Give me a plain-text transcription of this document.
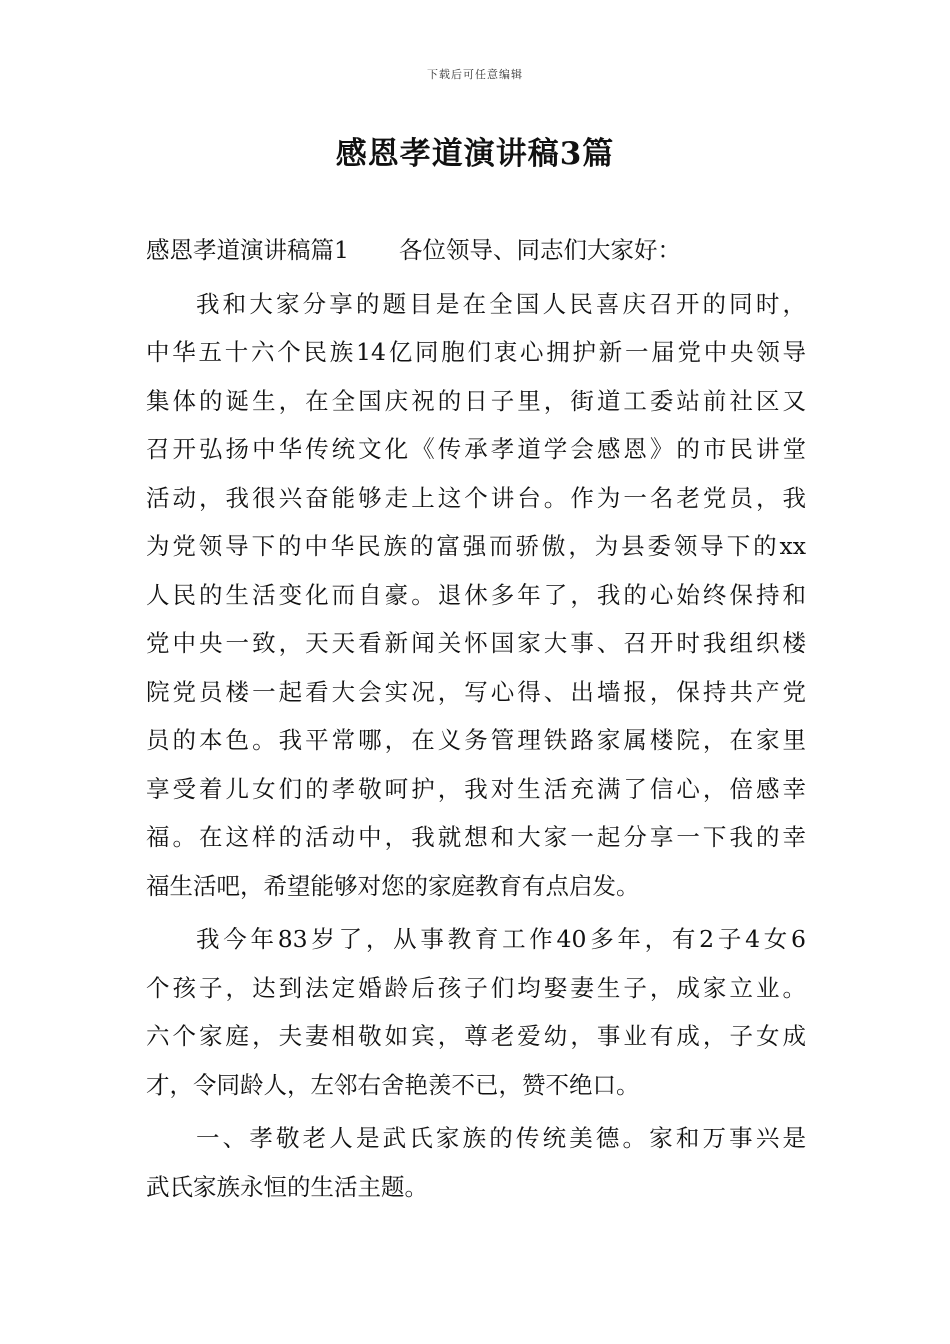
下载后可任意编辑
感恩孝道演讲稿3篇
感恩孝道演讲稿篇1 各位领导、同志们大家好：
我和大家分享的题目是在全国人民喜庆召开的同时，
中华五十六个民族14亿同胞们衷心拥护新一届党中央领导
集体的诞生，在全国庆祝的日子里，街道工委站前社区又
召开弘扬中华传统文化《传承孝道学会感恩》的市民讲堂
活动，我很兴奋能够走上这个讲台。作为一名老党员，我
为党领导下的中华民族的富强而骄傲，为县委领导下的xx
人民的生活变化而自豪。退休多年了，我的心始终保持和
党中央一致，天天看新闻关怀国家大事、召开时我组织楼
院党员楼一起看大会实况，写心得、出墙报，保持共产党
员的本色。我平常哪，在义务管理铁路家属楼院，在家里
享受着儿女们的孝敬呵护，我对生活充满了信心，倍感幸
福。在这样的活动中，我就想和大家一起分享一下我的幸
福生活吧，希望能够对您的家庭教育有点启发。
我今年83岁了，从事教育工作40多年，有2子4女6
个孩子，达到法定婚龄后孩子们均娶妻生子，成家立业。
六个家庭，夫妻相敬如宾，尊老爱幼，事业有成，子女成
才，令同龄人，左邻右舍艳羡不已，赞不绝口。
一、孝敬老人是武氏家族的传统美德。家和万事兴是
武氏家族永恒的生活主题。
